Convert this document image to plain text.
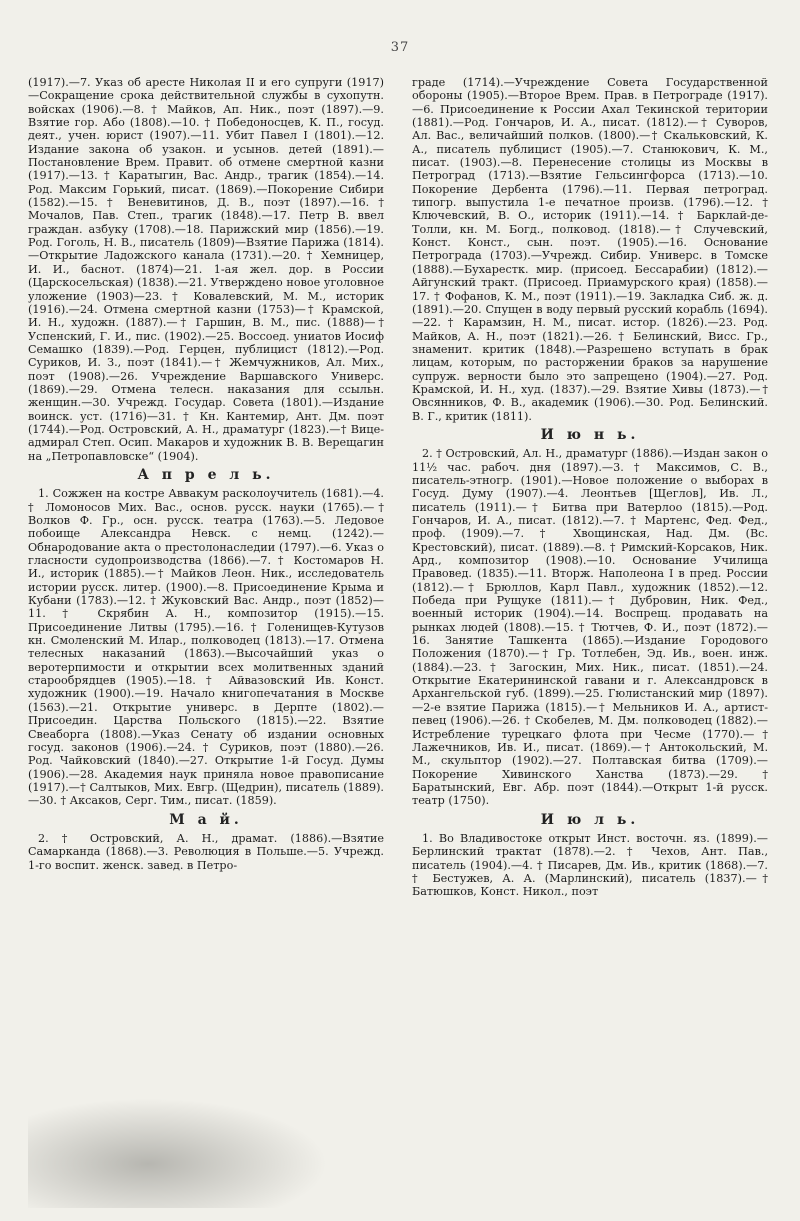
37

(1917).—7. Указ об аресте Николая II и его супруги (1917)—Сокращение срока действительной службы в сухопутн. войсках (1906).—8. † Майков, Ап. Ник., поэт (1897).—9. Взятие гор. Або (1808).—10. † Победоносцев, К. П., госуд. деят., учен. юрист (1907).—11. Убит Павел I (1801).—12. Издание закона об узакон. и усынов. детей (1891).—Постановление Врем. Правит. об отмене смертной казни (1917).—13. † Каратыгин, Вас. Андр., трагик (1854).—14. Род. Максим Горький, писат. (1869).—Покорение Сибири (1582).—15. † Веневитинов, Д. В., поэт (1897).—16. † Мочалов, Пав. Степ., трагик (1848).—17. Петр В. ввел граждан. азбуку (1708).—18. Парижский мир (1856).—19. Род. Гоголь, Н. В., писатель (1809)—Взятие Парижа (1814).—Открытие Ладожского канала (1731).—20. † Хемницер, И. И., баснот. (1874)—21. 1-ая жел. дор. в России (Царскосельская) (1838).—21. Утверждено новое уголовное уложение (1903)—23. † Ковалевский, М. М., историк (1916).—24. Отмена смертной казни (1753)—† Крамской, И. Н., художн. (1887).—† Гаршин, В. М., пис. (1888)—† Успенский, Г. И., пис. (1902).—25. Воссоед. униатов Иосиф Семашко (1839).—Род. Герцен, публицист (1812).—Род. Суриков, И. З., поэт (1841).—† Жемчужников, Ал. Мих., поэт (1908).—26. Учреждение Варшавского Универс. (1869).—29. Отмена телесн. наказания для ссыльн. женщин.—30. Учрежд. Государ. Совета (1801).—Издание воинск. уст. (1716)—31. † Кн. Кантемир, Ант. Дм. поэт (1744).—Род. Островский, А. Н., драматург (1823).—† Вице-адмирал Степ. Осип. Макаров и художник В. В. Верещагин на „Петропавловске“ (1904).

А п р е л ь.

1. Сожжен на костре Аввакум расколоучитель (1681).—4. † Ломоносов Мих. Вас., основ. русск. науки (1765).—† Волков Ф. Гр., осн. русск. театра (1763).—5. Ледовое побоище Александра Невск. с немц. (1242).—Обнародование акта о престолонаследии (1797).—6. Указ о гласности судопроизводства (1866).—7. † Костомаров Н. И., историк (1885).—† Майков Леон. Ник., исследователь истории русск. литер. (1900).—8. Присоединение Крыма и Кубани (1783).—12. † Жуковский Вас. Андр., поэт (1852)—11. † Скрябин А. Н., композитор (1915).—15. Присоединение Литвы (1795).—16. † Голенищев-Кутузов кн. Смоленский М. Илар., полководец (1813).—17. Отмена телесных наказаний (1863).—Высочайший указ о веротерпимости и открытии всех молитвенных зданий старообрядцев (1905).—18. † Айвазовский Ив. Конст. художник (1900).—19. Начало книгопечатания в Москве (1563).—21. Открытие универс. в Дерпте (1802).—Присоедин. Царства Польского (1815).—22. Взятие Свеаборга (1808).—Указ Сенату об издании основных госуд. законов (1906).—24. † Суриков, поэт (1880).—26. Род. Чайковский (1840).—27. Открытие 1-й Госуд. Думы (1906).—28. Академия наук приняла новое правописание (1917).—† Салтыков, Мих. Евгр. (Щедрин), писатель (1889).—30. † Аксаков, Серг. Тим., писат. (1859).

М а й.

2. † Островский, А. Н., драмат. (1886).—Взятие Самарканда (1868).—3. Революция в Польше.—5. Учрежд. 1-го воспит. женск. завед. в Петро-

граде (1714).—Учреждение Совета Государственной обороны (1905).—Второе Врем. Прав. в Петрограде (1917).—6. Присоединение к России Ахал Текинской територии (1881).—Род. Гончаров, И. А., писат. (1812).—† Суворов, Ал. Вас., величайший полков. (1800).—† Скальковский, К. А., писатель публицист (1905).—7. Станюкович, К. М., писат. (1903).—8. Перенесение столицы из Москвы в Петроград (1713).—Взятие Гельсингфорса (1713).—10. Покорение Дербента (1796).—11. Первая петроград. типогр. выпустила 1-е печатное произв. (1796).—12. † Ключевский, В. О., историк (1911).—14. † Барклай-де-Толли, кн. М. Богд., полковод. (1818).—† Случевский, Конст. Конст., сын. поэт. (1905).—16. Основание Петрограда (1703).—Учрежд. Сибир. Универс. в Томске (1888).—Бухарестк. мир. (присоед. Бессарабии) (1812).—Айгунский тракт. (Присоед. Приамурского края) (1858).—17. † Фофанов, К. М., поэт (1911).—19. Закладка Сиб. ж. д. (1891).—20. Спущен в воду первый русский корабль (1694).—22. † Карамзин, Н. М., писат. истор. (1826).—23. Род. Майков, А. Н., поэт (1821).—26. † Белинский, Висс. Гр., знаменит. критик (1848).—Разрешено вступать в брак лицам, которым, по расторжении браков за нарушение супруж. верности было это запрещено (1904).—27. Род. Крамской, И. Н., худ. (1837).—29. Взятие Хивы (1873).—† Овсянников, Ф. В., академик (1906).—30. Род. Белинский. В. Г., критик (1811).

И ю н ь.

2. † Островский, Ал. Н., драматург (1886).—Издан закон о 11½ час. рабоч. дня (1897).—3. † Максимов, С. В., писатель-этногр. (1901).—Новое положение о выборах в Госуд. Думу (1907).—4. Леонтьев [Щеглов], Ив. Л., писатель (1911).—† Битва при Ватерлоо (1815).—Род. Гончаров, И. А., писат. (1812).—7. † Мартенс, Фед. Фед., проф. (1909).—7. † Хвощинская, Над. Дм. (Вс. Крестовский), писат. (1889).—8. † Римский-Корсаков, Ник. Ард., композитор (1908).—10. Основание Училища Правовед. (1835).—11. Вторж. Наполеона I в пред. России (1812).—† Брюллов, Карл Павл., художник (1852).—12. Победа при Рущуке (1811).—† Дубровин, Ник. Фед., военный историк (1904).—14. Воспрещ. продавать на рынках людей (1808).—15. † Тютчев, Ф. И., поэт (1872).—16. Занятие Ташкента (1865).—Издание Городового Положения (1870).—† Гр. Тотлебен, Эд. Ив., воен. инж. (1884).—23. † Загоскин, Мих. Ник., писат. (1851).—24. Открытие Екатерининской гавани и г. Александровск в Архангельской губ. (1899).—25. Гюлистанский мир (1897).—2-е взятие Парижа (1815).—† Мельников И. А., артист-певец (1906).—26. † Скобелев, М. Дм. полководец (1882).—Истребление турецкаго флота при Чесме (1770).—† Лажечников, Ив. И., писат. (1869).—† Антокольский, М. М., скульптор (1902).—27. Полтавская битва (1709).—Покорение Хивинского Ханства (1873).—29. † Баратынский, Евг. Абр. поэт (1844).—Открыт 1-й русск. театр (1750).

И ю л ь.

1. Во Владивостоке открыт Инст. восточн. яз. (1899).—Берлинский трактат (1878).—2. † Чехов, Ант. Пав., писатель (1904).—4. † Писарев, Дм. Ив., критик (1868).—7. † Бестужев, А. А. (Марлинский), писатель (1837).—† Батюшков, Конст. Никол., поэт
